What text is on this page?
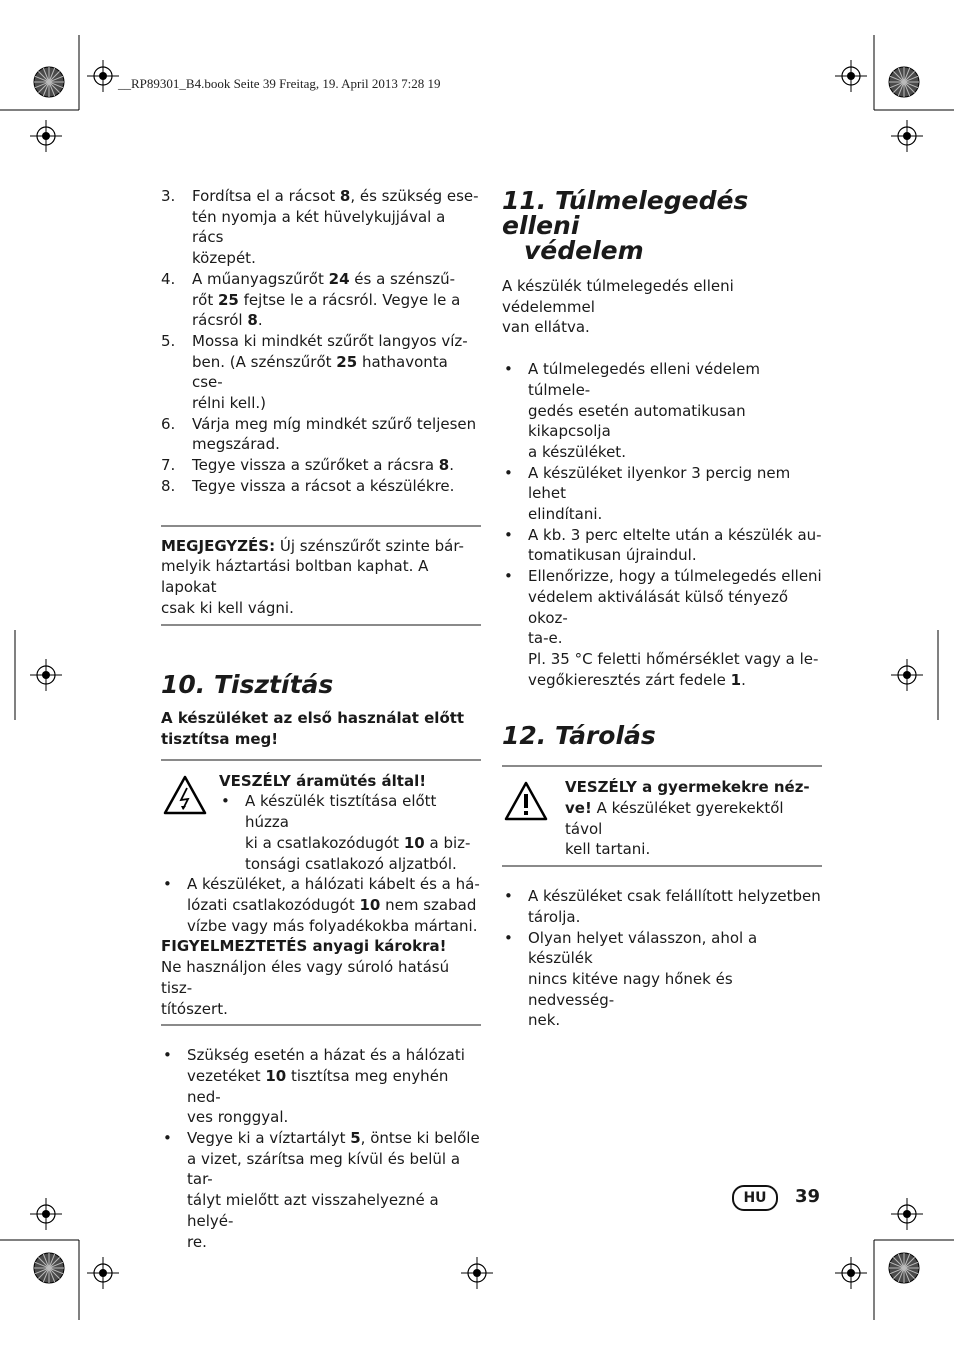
__RP89301_B4.book Seite 39 Freitag, 19. April 2013 7:28 19
3. Fordítsa el a rácsot 8, és szükség ese-
tén nyomja a két hüvelykujjával a rács
közepét.

4. A műanyagszűrőt 24 és a szénszű-
rőt 25 fejtse le a rácsról. Vegye le a
rácsról 8.

5. Mossa ki mindkét szűrőt langyos víz-
ben. (A szénszűrőt 25 hathavonta cse-
rélni kell.)

6. Várja meg míg mindkét szűrő teljesen
megszárad.

7. Tegye vissza a szűrőket a rácsra 8.

8. Tegye vissza a rácsot a készülékre.

MEGJEGYZÉS: Új szénszűrőt szinte bár-
melyik háztartási boltban kaphat. A lapokat
csak ki kell vágni.

10. Tisztítás

A készüléket az első használat előtt
tisztítsa meg!

VESZÉLY áramütés által!

• A készülék tisztítása előtt húzza
ki a csatlakozódugót 10 a biz-
tonsági csatlakozó aljzatból.

• A készüléket, a hálózati kábelt és a há-
lózati csatlakozódugót 10 nem szabad
vízbe vagy más folyadékokba mártani.

FIGYELMEZTETÉS anyagi károkra!

Ne használjon éles vagy súroló hatású tisz-
títószert.

• Szükség esetén a házat és a hálózati
vezetéket 10 tisztítsa meg enyhén ned-
ves ronggyal.

• Vegye ki a víztartályt 5, öntse ki belőle
a vizet, szárítsa meg kívül és belül a tar-
tályt mielőtt azt visszahelyezné a helyé-
re.

11. Túlmelegedés elleni
védelem

A készülék túlmelegedés elleni védelemmel
van ellátva.

• A túlmelegedés elleni védelem túlmele-
gedés esetén automatikusan kikapcsolja
a készüléket.

• A készüléket ilyenkor 3 percig nem lehet
elindítani.

• A kb. 3 perc eltelte után a készülék au-
tomatikusan újraindul.

• Ellenőrizze, hogy a túlmelegedés elleni
védelem aktiválását külső tényező okoz-
ta-e.
Pl. 35 °C feletti hőmérséklet vagy a le-
vegőkieresztés zárt fedele 1.

12. Tárolás

VESZÉLY a gyermekekre néz-
ve! A készüléket gyerekektől távol
kell tartani.

• A készüléket csak felállított helyzetben
tárolja.

• Olyan helyet válasszon, ahol a készülék
nincs kitéve nagy hőnek és nedvesség-
nek.

HU	39
